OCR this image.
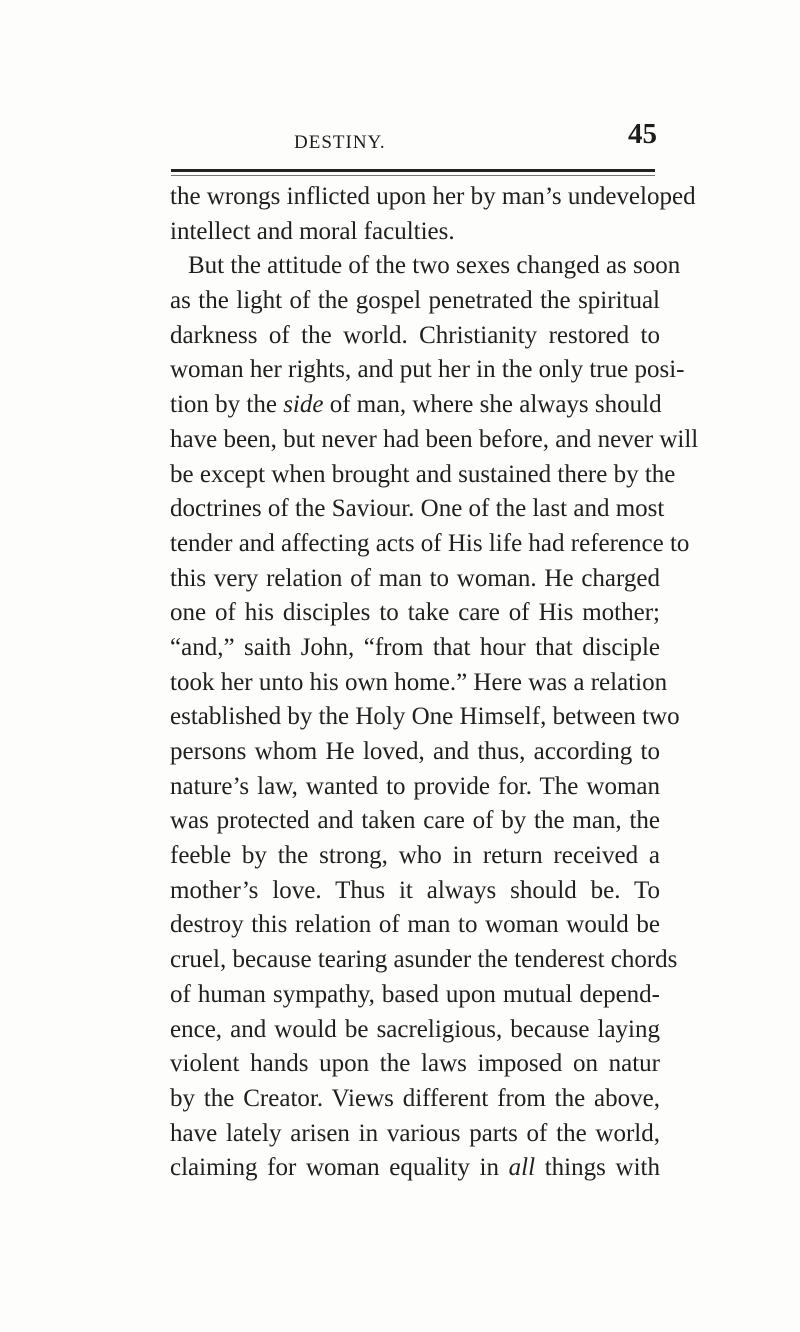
DESTINY.	45
the wrongs inflicted upon her by man’s undeveloped
intellect and moral faculties.
But the attitude of the two sexes changed as soon
as the light of the gospel penetrated the spiritual
darkness of the world. Christianity restored to
woman her rights, and put her in the only true posi-
tion by the side of man, where she always should
have been, but never had been before, and never will
be except when brought and sustained there by the
doctrines of the Saviour. One of the last and most
tender and affecting acts of His life had reference to
this very relation of man to woman. He charged
one of his disciples to take care of His mother;
“and,” saith John, “from that hour that disciple
took her unto his own home.” Here was a relation
established by the Holy One Himself, between two
persons whom He loved, and thus, according to
nature’s law, wanted to provide for. The woman
was protected and taken care of by the man, the
feeble by the strong, who in return received a
mother’s love. Thus it always should be. To
destroy this relation of man to woman would be
cruel, because tearing asunder the tenderest chords
of human sympathy, based upon mutual depend-
ence, and would be sacreligious, because laying
violent hands upon the laws imposed on natur
by the Creator. Views different from the above,
have lately arisen in various parts of the world,
claiming for woman equality in all things with
